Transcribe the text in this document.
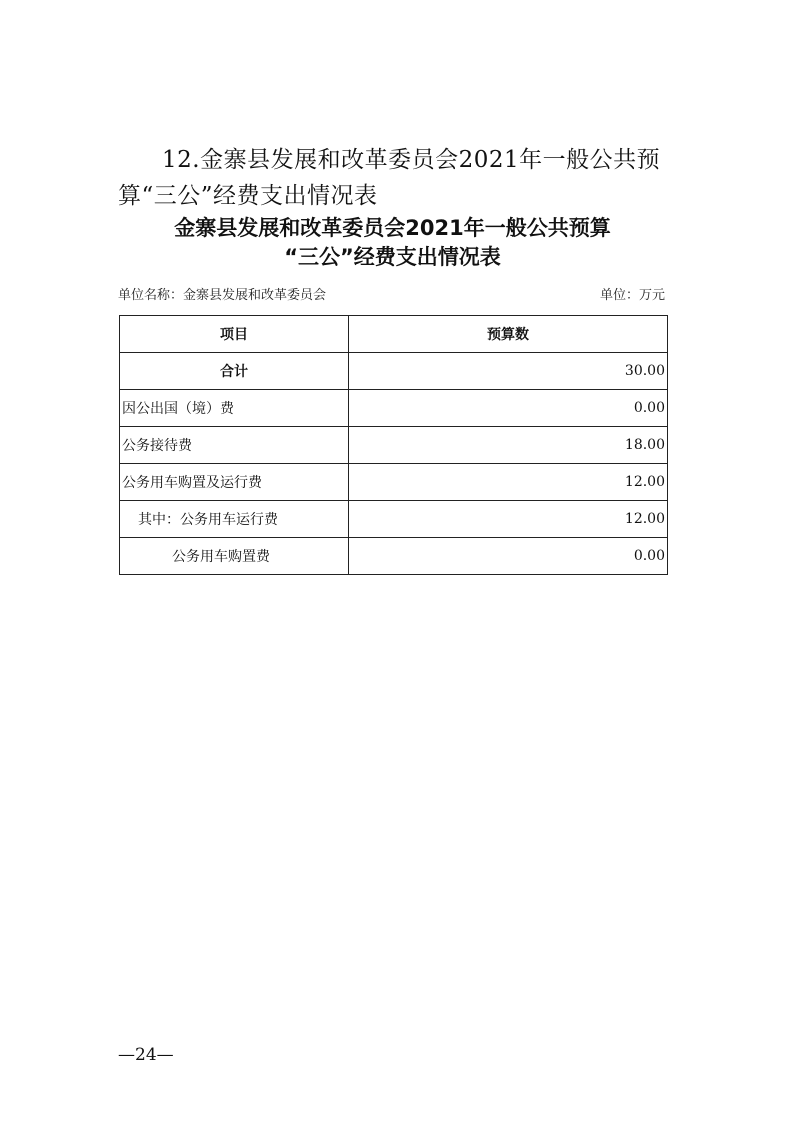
12.金寨县发展和改革委员会2021年一般公共预算“三公”经费支出情况表
金寨县发展和改革委员会2021年一般公共预算
“三公”经费支出情况表
单位名称：金寨县发展和改革委员会	单位：万元
项目	预算数
合计	30.00
因公出国（境）费	0.00
公务接待费	18.00
公务用车购置及运行费	12.00
其中：公务用车运行费	12.00
公务用车购置费	0.00
—24—
